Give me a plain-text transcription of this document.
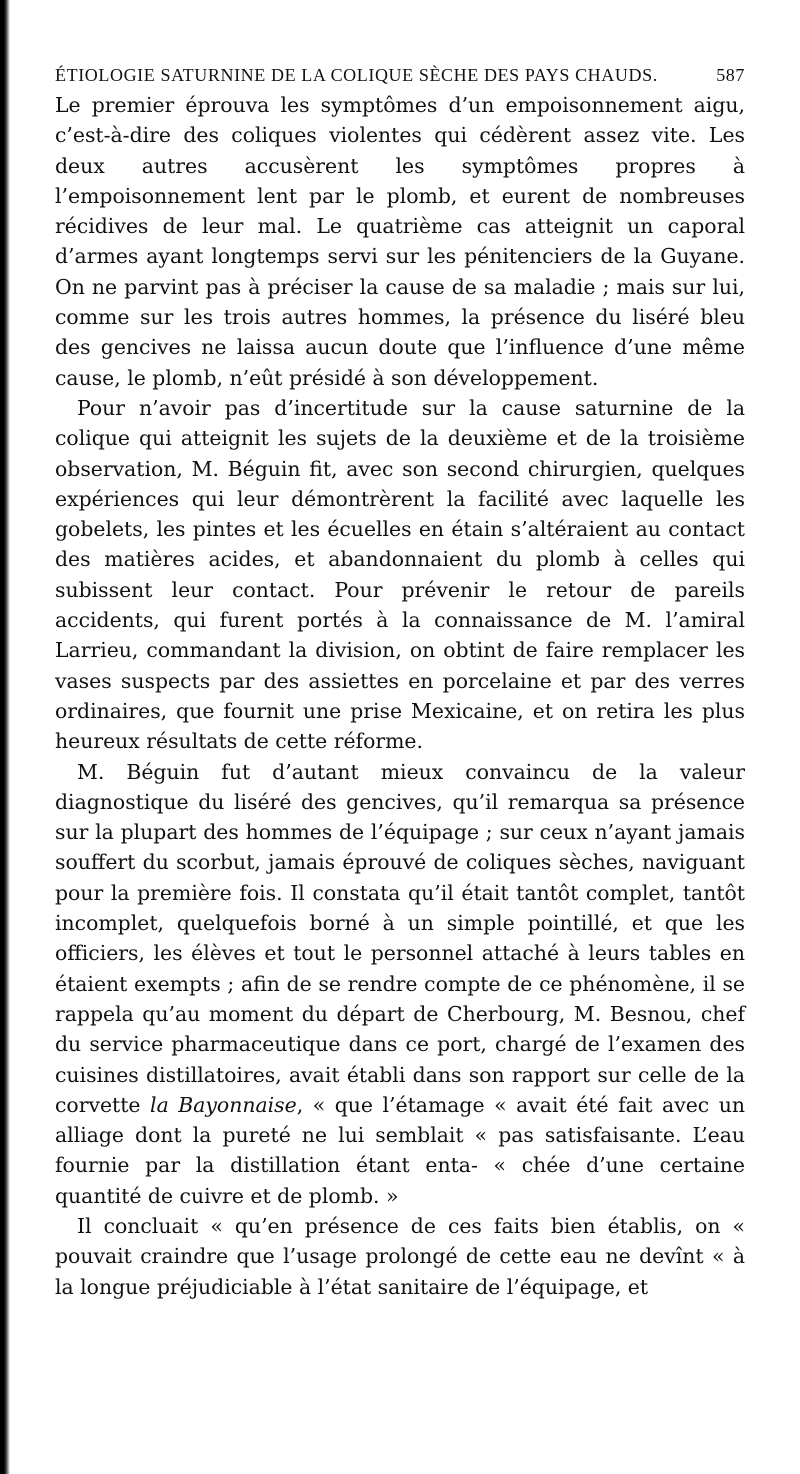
ÉTIOLOGIE SATURNINE DE LA COLIQUE SÈCHE DES PAYS CHAUDS.	587

Le premier éprouva les symptômes d’un empoisonnement aigu, c’est-à-dire des coliques violentes qui cédèrent assez vite. Les deux autres accusèrent les symptômes propres à l’empoisonnement lent par le plomb, et eurent de nombreuses récidives de leur mal. Le quatrième cas atteignit un caporal d’armes ayant longtemps servi sur les pénitenciers de la Guyane. On ne parvint pas à préciser la cause de sa maladie ; mais sur lui, comme sur les trois autres hommes, la présence du liséré bleu des gencives ne laissa aucun doute que l’influence d’une même cause, le plomb, n’eût présidé à son développement.

Pour n’avoir pas d’incertitude sur la cause saturnine de la colique qui atteignit les sujets de la deuxième et de la troisième observation, M. Béguin fit, avec son second chirurgien, quelques expériences qui leur démontrèrent la facilité avec laquelle les gobelets, les pintes et les écuelles en étain s’altéraient au contact des matières acides, et abandonnaient du plomb à celles qui subissent leur contact. Pour prévenir le retour de pareils accidents, qui furent portés à la connaissance de M. l’amiral Larrieu, commandant la division, on obtint de faire remplacer les vases suspects par des assiettes en porcelaine et par des verres ordinaires, que fournit une prise Mexicaine, et on retira les plus heureux résultats de cette réforme.

M. Béguin fut d’autant mieux convaincu de la valeur diagnostique du liséré des gencives, qu’il remarqua sa présence sur la plupart des hommes de l’équipage ; sur ceux n’ayant jamais souffert du scorbut, jamais éprouvé de coliques sèches, naviguant pour la première fois. Il constata qu’il était tantôt complet, tantôt incomplet, quelquefois borné à un simple pointillé, et que les officiers, les élèves et tout le personnel attaché à leurs tables en étaient exempts ; afin de se rendre compte de ce phénomène, il se rappela qu’au moment du départ de Cherbourg, M. Besnou, chef du service pharmaceutique dans ce port, chargé de l’examen des cuisines distillatoires, avait établi dans son rapport sur celle de la corvette la Bayonnaise, « que l’étamage « avait été fait avec un alliage dont la pureté ne lui semblait « pas satisfaisante. L’eau fournie par la distillation étant enta- « chée d’une certaine quantité de cuivre et de plomb. »

Il concluait « qu’en présence de ces faits bien établis, on « pouvait craindre que l’usage prolongé de cette eau ne devînt « à la longue préjudiciable à l’état sanitaire de l’équipage, et
